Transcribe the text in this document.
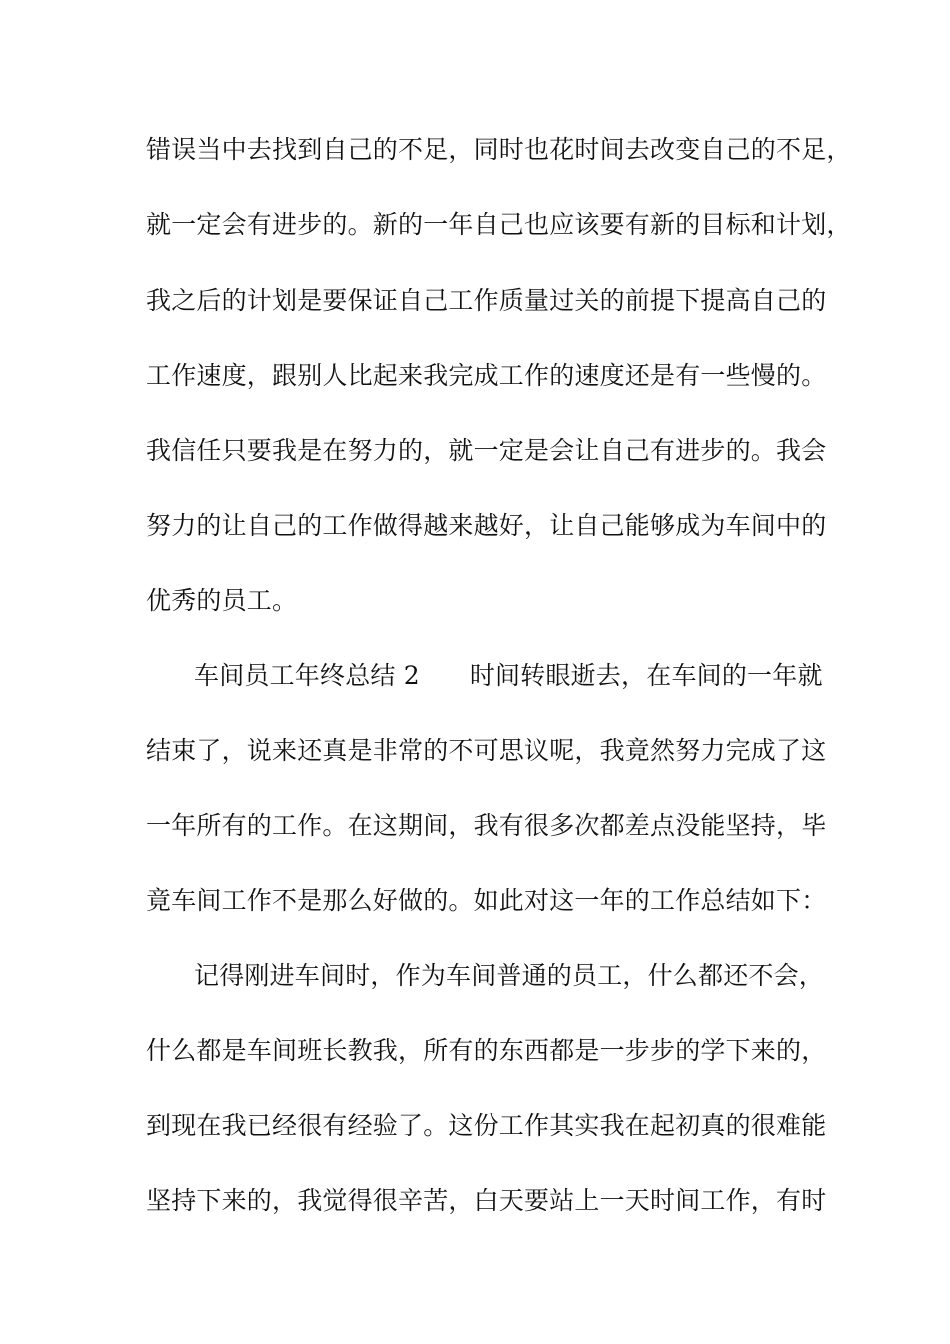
错误当中去找到自己的不足，同时也花时间去改变自己的不足，
就一定会有进步的。新的一年自己也应该要有新的目标和计划，
我之后的计划是要保证自己工作质量过关的前提下提高自己的
工作速度，跟别人比起来我完成工作的速度还是有一些慢的。
我信任只要我是在努力的，就一定是会让自己有进步的。我会
努力的让自己的工作做得越来越好，让自己能够成为车间中的
优秀的员工。
车间员工年终总结 2 时间转眼逝去，在车间的一年就
结束了，说来还真是非常的不可思议呢，我竟然努力完成了这
一年所有的工作。在这期间，我有很多次都差点没能坚持，毕
竟车间工作不是那么好做的。如此对这一年的工作总结如下：
记得刚进车间时，作为车间普通的员工，什么都还不会，
什么都是车间班长教我，所有的东西都是一步步的学下来的，
到现在我已经很有经验了。这份工作其实我在起初真的很难能
坚持下来的，我觉得很辛苦，白天要站上一天时间工作，有时
